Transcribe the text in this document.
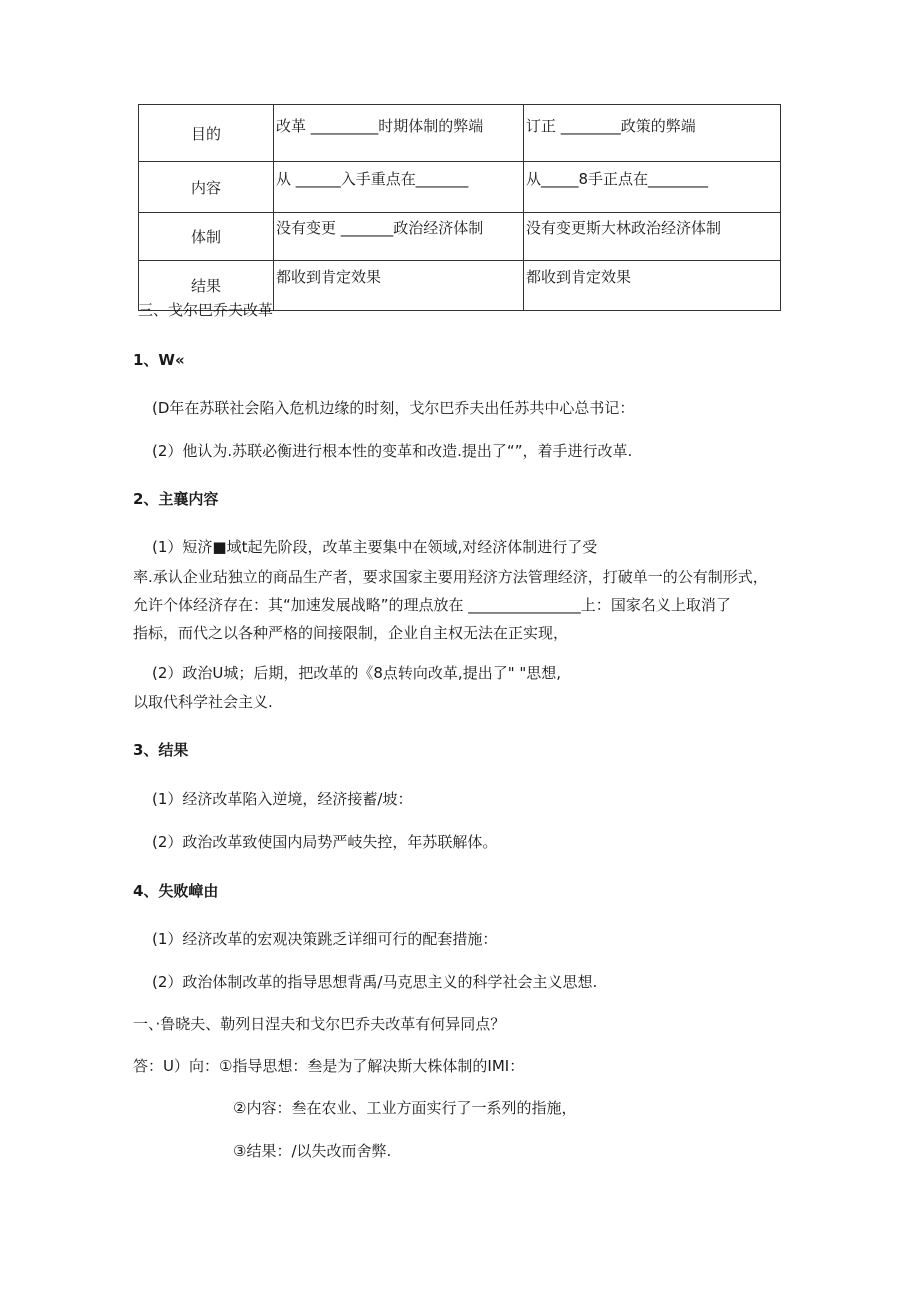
目的	改革 _________时期体制的弊端	订正 ________政策的弊端
内容	从 ______入手重点在_______	从_____8手正点在________
体制	没有变更 _______政治经济体制	没有变更斯大林政治经济体制
结果	都收到肯定效果	都收到肯定效果
三、戈尔巴乔夫改革
1、W«
(D年在苏联社会陷入危机边缘的时刻，戈尔巴乔夫出任苏共中心总书记：
(2）他认为.苏联必衡进行根本性的变革和改造.提出了“”，着手进行改革.
2、主襄内容
(1）短济■域t起先阶段，改革主要集中在领域,对经济体制进行了受
率.承认企业玷独立的商品生产者，要求国家主要用羟济方法管理经济，打破单一的公有制形式，
允许个体经济存在：其“加速发展战略”的理点放在 _______________上：国家名义上取消了
指标，而代之以各种严格的间接限制，企业自主权无法在正实现，
(2）政治U城；后期，把改革的《8点转向改革,提出了" "思想,
以取代科学社会主义.
3、结果
(1）经济改革陷入逆境，经济接蓄/坡：
(2）政治改革致使国内局势严岐失控，年苏联解体。
4、失败嶂由
(1）经济改革的宏观决策跳乏详细可行的配套措施：
(2）政治体制改革的指导思想背禹/马克思主义的科学社会主义思想.
一、·鲁晓夫、勒列日涅夫和戈尔巴乔夫改革有何异同点？
答：U）向：①指导思想：叁是为了解决斯大株体制的IMI：
②内容：叁在农业、工业方面实行了一系列的指施，
③结果：/以失改而舍弊.
